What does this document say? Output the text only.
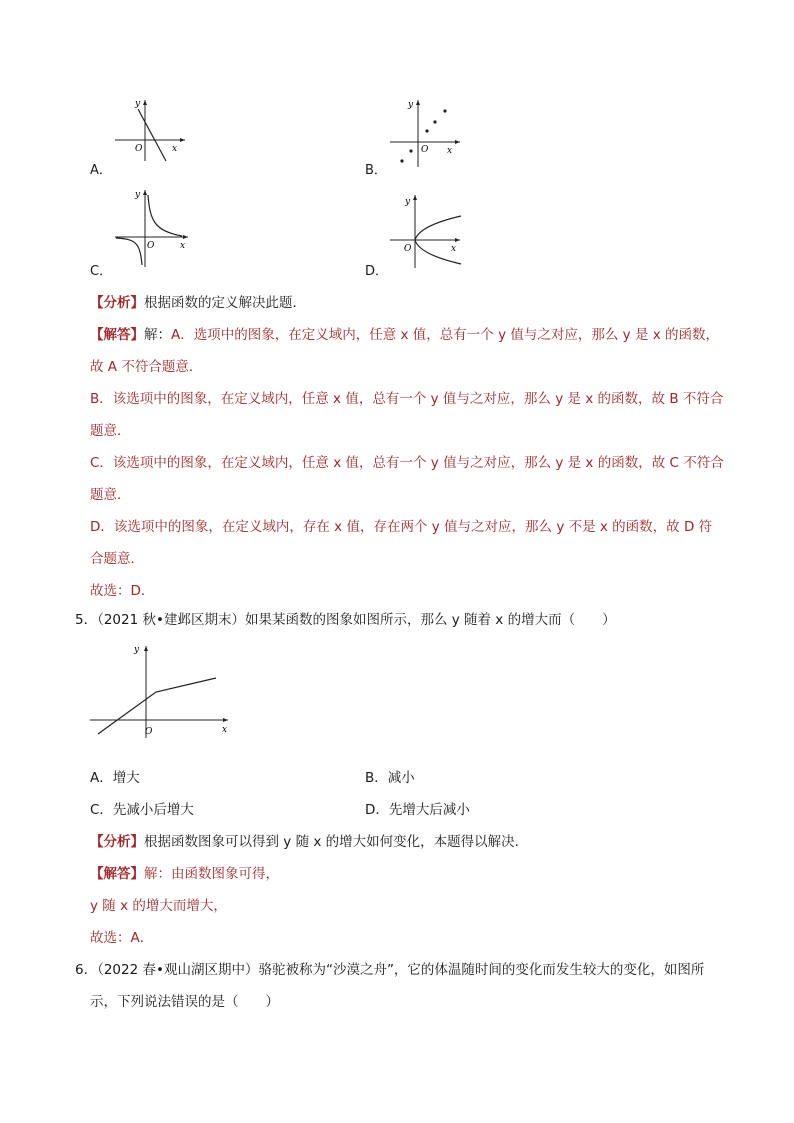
y
O	x
A．
y
O x
B．
y
O	x
C．
y
O	x
D．
【分析】根据函数的定义解决此题．
【解答】解：A．选项中的图象，在定义域内，任意 x 值，总有一个 y 值与之对应，那么 y 是 x 的函数，
故 A 不符合题意．
B．该选项中的图象，在定义域内，任意 x 值，总有一个 y 值与之对应，那么 y 是 x 的函数，故 B 不符合
题意．
C．该选项中的图象，在定义域内，任意 x 值，总有一个 y 值与之对应，那么 y 是 x 的函数，故 C 不符合
题意．
D．该选项中的图象，在定义域内，存在 x 值，存在两个 y 值与之对应，那么 y 不是 x 的函数，故 D 符
合题意．
故选：D．
5．（2021 秋•建邺区期末）如果某函数的图象如图所示，那么 y 随着 x 的增大而（　　）
y
O	x
A．增大	B．减小
C．先减小后增大	D．先增大后减小
【分析】根据函数图象可以得到 y 随 x 的增大如何变化，本题得以解决．
【解答】解：由函数图象可得，
y 随 x 的增大而增大，
故选：A．
6．（2022 春•观山湖区期中）骆驼被称为“沙漠之舟”，它的体温随时间的变化而发生较大的变化，如图所
示，下列说法错误的是（　　）
